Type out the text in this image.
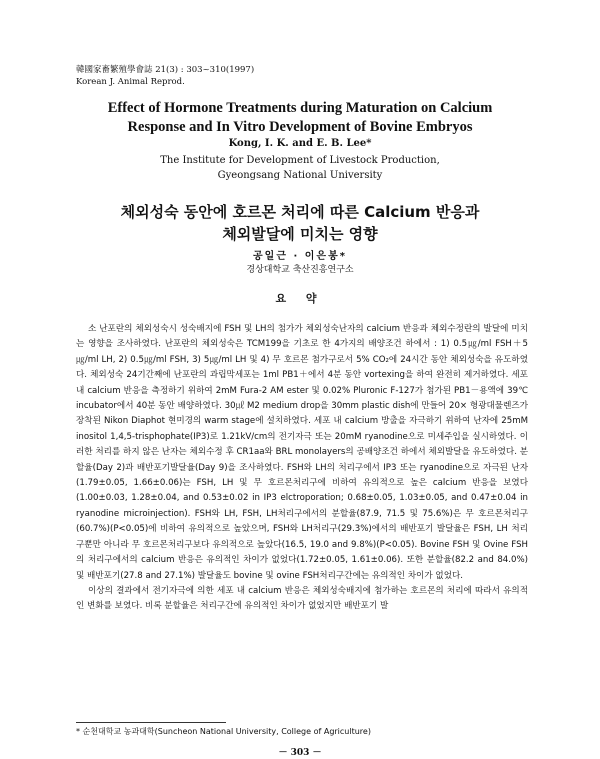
韓國家畜繁殖學會誌 21(3) : 303~310(1997)
Korean J. Animal Reprod.
Effect of Hormone Treatments during Maturation on Calcium
Response and In Vitro Development of Bovine Embryos
Kong, I. K. and E. B. Lee*
The Institute for Development of Livestock Production,
Gyeongsang National University
체외성숙 동안에 호르몬 처리에 따른 Calcium 반응과
체외발달에 미치는 영향
공일근 · 이은봉*
경상대학교 축산진흥연구소
요 약

소 난포란의 체외성숙시 성숙배지에 FSH 및 LH의 첨가가 체외성숙난자의 calcium 반응과 체외수정란의 발달에 미치는 영향을 조사하였다. 난포란의 체외성숙은 TCM199을 기초로 한 4가지의 배양조건 하에서 : 1) 0.5㎍/ml FSH＋5㎍/ml LH, 2) 0.5㎍/ml FSH, 3) 5㎍/ml LH 및 4) 무 호르몬 첨가구로서 5% CO₂에 24시간 동안 체외성숙을 유도하였다. 체외성숙 24기간째에 난포란의 과립막세포는 1ml PB1＋에서 4분 동안 vortexing을 하여 완전히 제거하였다. 세포 내 calcium 반응을 측정하기 위하여 2mM Fura-2 AM ester 및 0.02% Pluronic F-127가 첨가된 PB1－용액에 39℃ incubator에서 40분 동안 배양하였다. 30㎕ M2 medium drop을 30mm plastic dish에 만들어 20× 형광대물렌즈가 장착된 Nikon Diaphot 현미경의 warm stage에 설치하였다. 세포 내 calcium 방출을 자극하기 위하여 난자에 25mM inositol 1,4,5-trisphophate(IP3)로 1.21kV/cm의 전기자극 또는 20mM ryanodine으로 미세주입을 실시하였다. 이러한 처리를 하지 않은 난자는 체외수정 후 CR1aa와 BRL monolayers의 공배양조건 하에서 체외발달을 유도하였다. 분할율(Day 2)과 배반포기발달율(Day 9)을 조사하였다. FSH와 LH의 처리구에서 IP3 또는 ryanodine으로 자극된 난자(1.79±0.05, 1.66±0.06)는 FSH, LH 및 무 호르몬처리구에 비하여 유의적으로 높은 calcium 반응을 보였다(1.00±0.03, 1.28±0.04, and 0.53±0.02 in IP3 elctroporation; 0.68±0.05, 1.03±0.05, and 0.47±0.04 in ryanodine microinjection). FSH와 LH, FSH, LH처리구에서의 분할율(87.9, 71.5 및 75.6%)은 무 호르몬처리구(60.7%)(P<0.05)에 비하여 유의적으로 높았으며, FSH와 LH처리구(29.3%)에서의 배반포기 발달율은 FSH, LH 처리구뿐만 아니라 무 호르몬처리구보다 유의적으로 높았다(16.5, 19.0 and 9.8%)(P<0.05). Bovine FSH 및 Ovine FSH의 처리구에서의 calcium 반응은 유의적인 차이가 없었다(1.72±0.05, 1.61±0.06). 또한 분할율(82.2 and 84.0%) 및 배반포기(27.8 and 27.1%) 발달율도 bovine 및 ovine FSH처리구간에는 유의적인 차이가 없었다.

이상의 결과에서 전기자극에 의한 세포 내 calcium 반응은 체외성숙배지에 첨가하는 호르몬의 처리에 따라서 유의적인 변화를 보였다. 비록 분할율은 처리구간에 유의적인 차이가 없었지만 배반포기 발

* 순천대학교 농과대학(Suncheon National University, College of Agriculture)
－ 303 －
